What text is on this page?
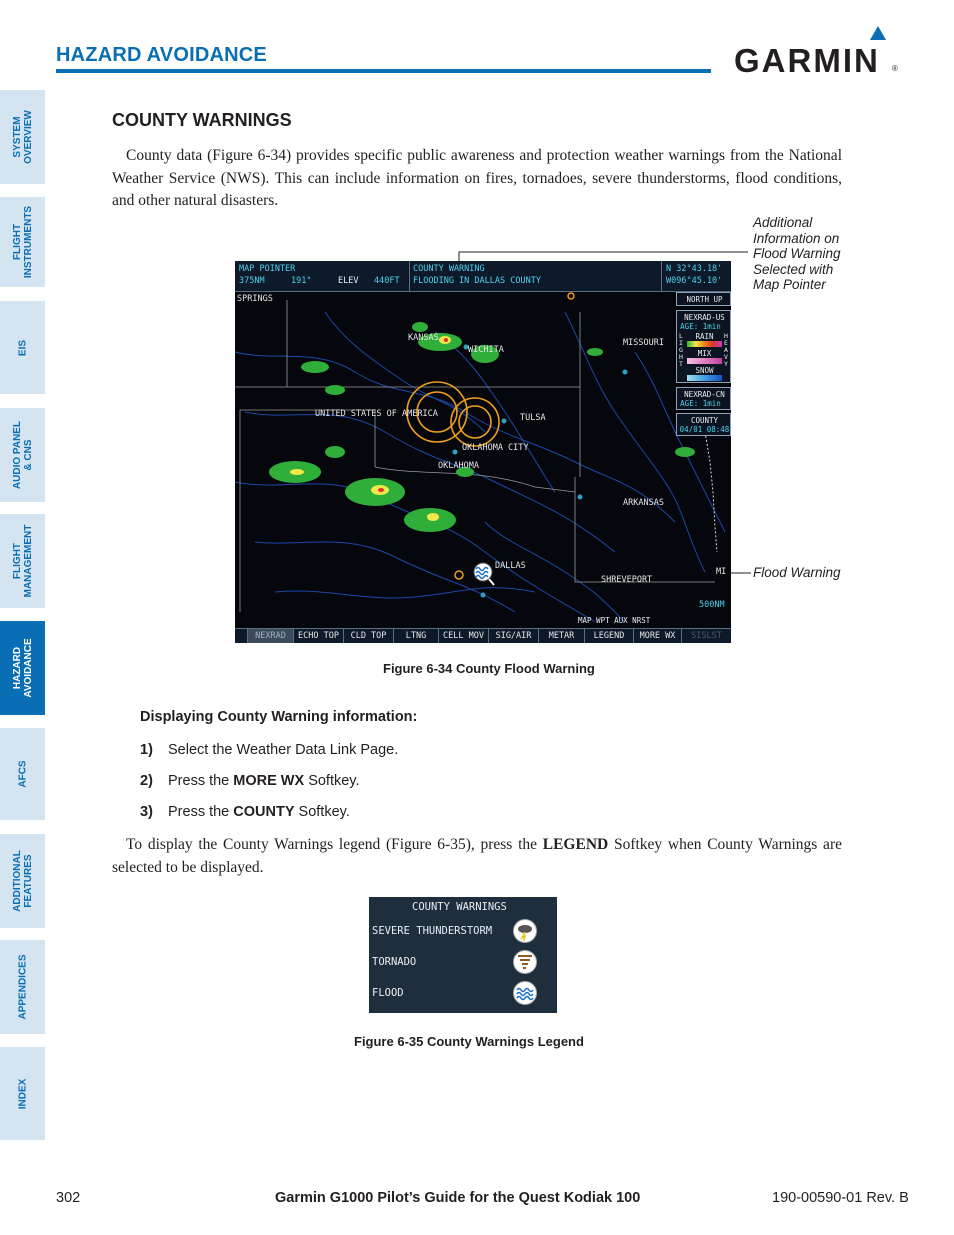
HAZARD AVOIDANCE	GARMIN ®
SYSTEM
OVERVIEW
FLIGHT
INSTRUMENTS
EIS
AUDIO PANEL
& CNS
FLIGHT
MANAGEMENT
HAZARD
AVOIDANCE
AFCS
ADDITIONAL
FEATURES
APPENDICES
INDEX
COUNTY WARNINGS
County data (Figure 6-34) provides specific public awareness and protection weather warnings from the National Weather Service (NWS). This can include information on fires, tornadoes, severe thunderstorms, flood conditions, and other natural disasters.
Additional
Information on
Flood Warning
Selected with
Map Pointer
Flood Warning
MAP POINTER
375NM	191°	ELEV 440FT
COUNTY WARNING
FLOODING IN DALLAS COUNTY
N 32°43.18'
W096°45.10'
SPRINGS
KANSAS
WICHITA
MISSOURI
UNITED STATES OF AMERICA	TULSA
OKLAHOMA CITY
OKLAHOMA
ARKANSAS
DALLAS
SHREVEPORT
MI
NORTH UP
NEXRAD-US
AGE: 1min
L I G H T
H E A V Y
RAIN
MIX
SNOW
NEXRAD-CN
AGE: 1min
COUNTY
04/01 08:48
500NM
MAP WPT AUX NRST
NEXRAD	ECHO TOP	CLD TOP	LTNG	CELL MOV	SIG/AIR	METAR	LEGEND	MORE WX	SISLST
Figure 6-34 County Flood Warning
Displaying County Warning information:
1) Select the Weather Data Link Page.
2) Press the MORE WX Softkey.
3) Press the COUNTY Softkey.
To display the County Warnings legend (Figure 6-35), press the LEGEND Softkey when County Warnings are selected to be displayed.
COUNTY WARNINGS
SEVERE THUNDERSTORM
TORNADO
FLOOD
Figure 6-35 County Warnings Legend
302	Garmin G1000 Pilot’s Guide for the Quest Kodiak 100	190-00590-01 Rev. B
